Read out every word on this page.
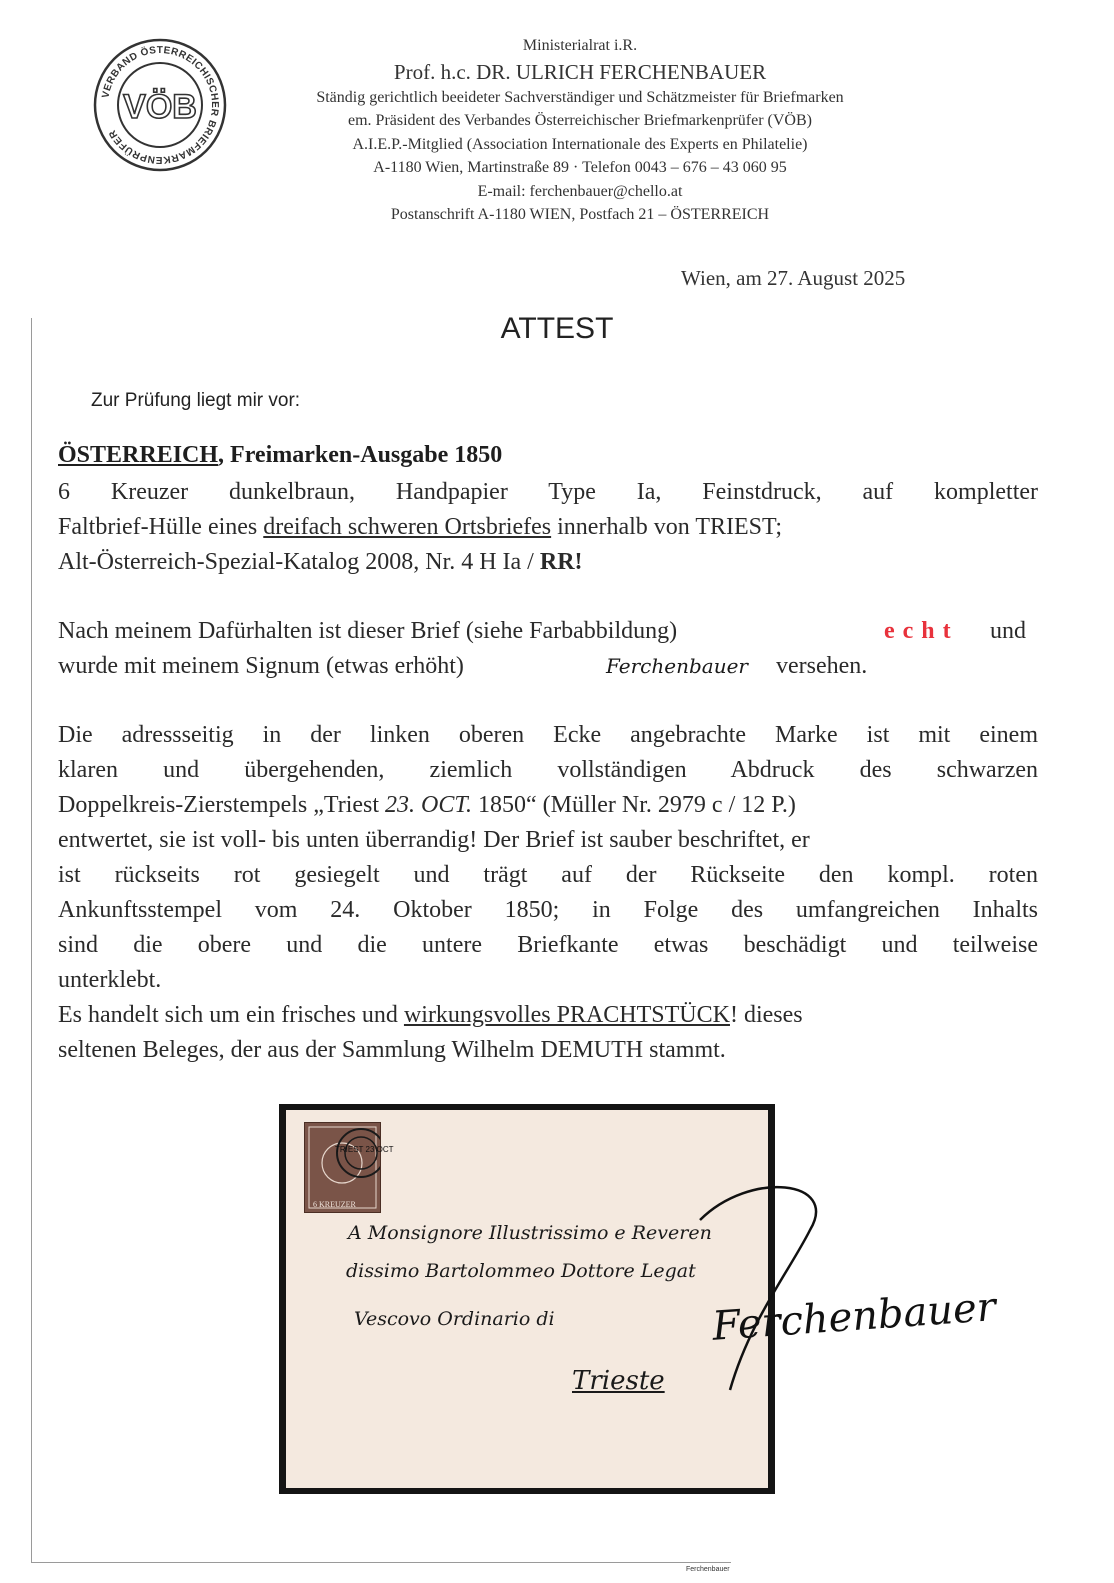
VERBAND ÖSTERREICHISCHER BRIEFMARKENPRÜFER
VÖB
Ministerialrat i.R.
Prof. h.c. DR. ULRICH FERCHENBAUER
Ständig gerichtlich beeideter Sachverständiger und Schätzmeister für Briefmarken
em. Präsident des Verbandes Österreichischer Briefmarkenprüfer (VÖB)
A.I.E.P.-Mitglied (Association Internationale des Experts en Philatelie)
A-1180 Wien, Martinstraße 89 · Telefon 0043 – 676 – 43 060 95
E-mail: ferchenbauer@chello.at
Postanschrift A-1180 WIEN, Postfach 21 – ÖSTERREICH
Wien, am 27. August 2025
ATTEST
Zur Prüfung liegt mir vor:
ÖSTERREICH, Freimarken-Ausgabe 1850
6 Kreuzer dunkelbraun, Handpapier Type Ia, Feinstdruck, auf kompletter
Faltbrief-Hülle eines dreifach schweren Ortsbriefes innerhalb von TRIEST;
Alt-Österreich-Spezial-Katalog 2008, Nr. 4 H Ia / RR!
Nach meinem Dafürhalten ist dieser Brief (siehe Farbabbildung)	echt und
wurde mit meinem Signum (etwas erhöht)	Ferchenbauer versehen.
Die adressseitig in der linken oberen Ecke angebrachte Marke ist mit einem
klaren und übergehenden, ziemlich vollständigen Abdruck des schwarzen
Doppelkreis-Zierstempels „Triest 23. OCT. 1850“ (Müller Nr. 2979 c / 12 P.)
entwertet, sie ist voll- bis unten überrandig! Der Brief ist sauber beschriftet, er
ist rückseits rot gesiegelt und trägt auf der Rückseite den kompl. roten
Ankunftsstempel vom 24. Oktober 1850; in Folge des umfangreichen Inhalts
sind die obere und die untere Briefkante etwas beschädigt und teilweise
unterklebt.
Es handelt sich um ein frisches und wirkungsvolles PRACHTSTÜCK! dieses
seltenen Beleges, der aus der Sammlung Wilhelm DEMUTH stammt.
6 KREUZER
TRIEST 23 OCT
A Monsignore Illustrissimo e Reveren
dissimo Bartolommeo Dottore Legat
Vescovo Ordinario di
Trieste
Ferchenbauer
Ferchenbauer
